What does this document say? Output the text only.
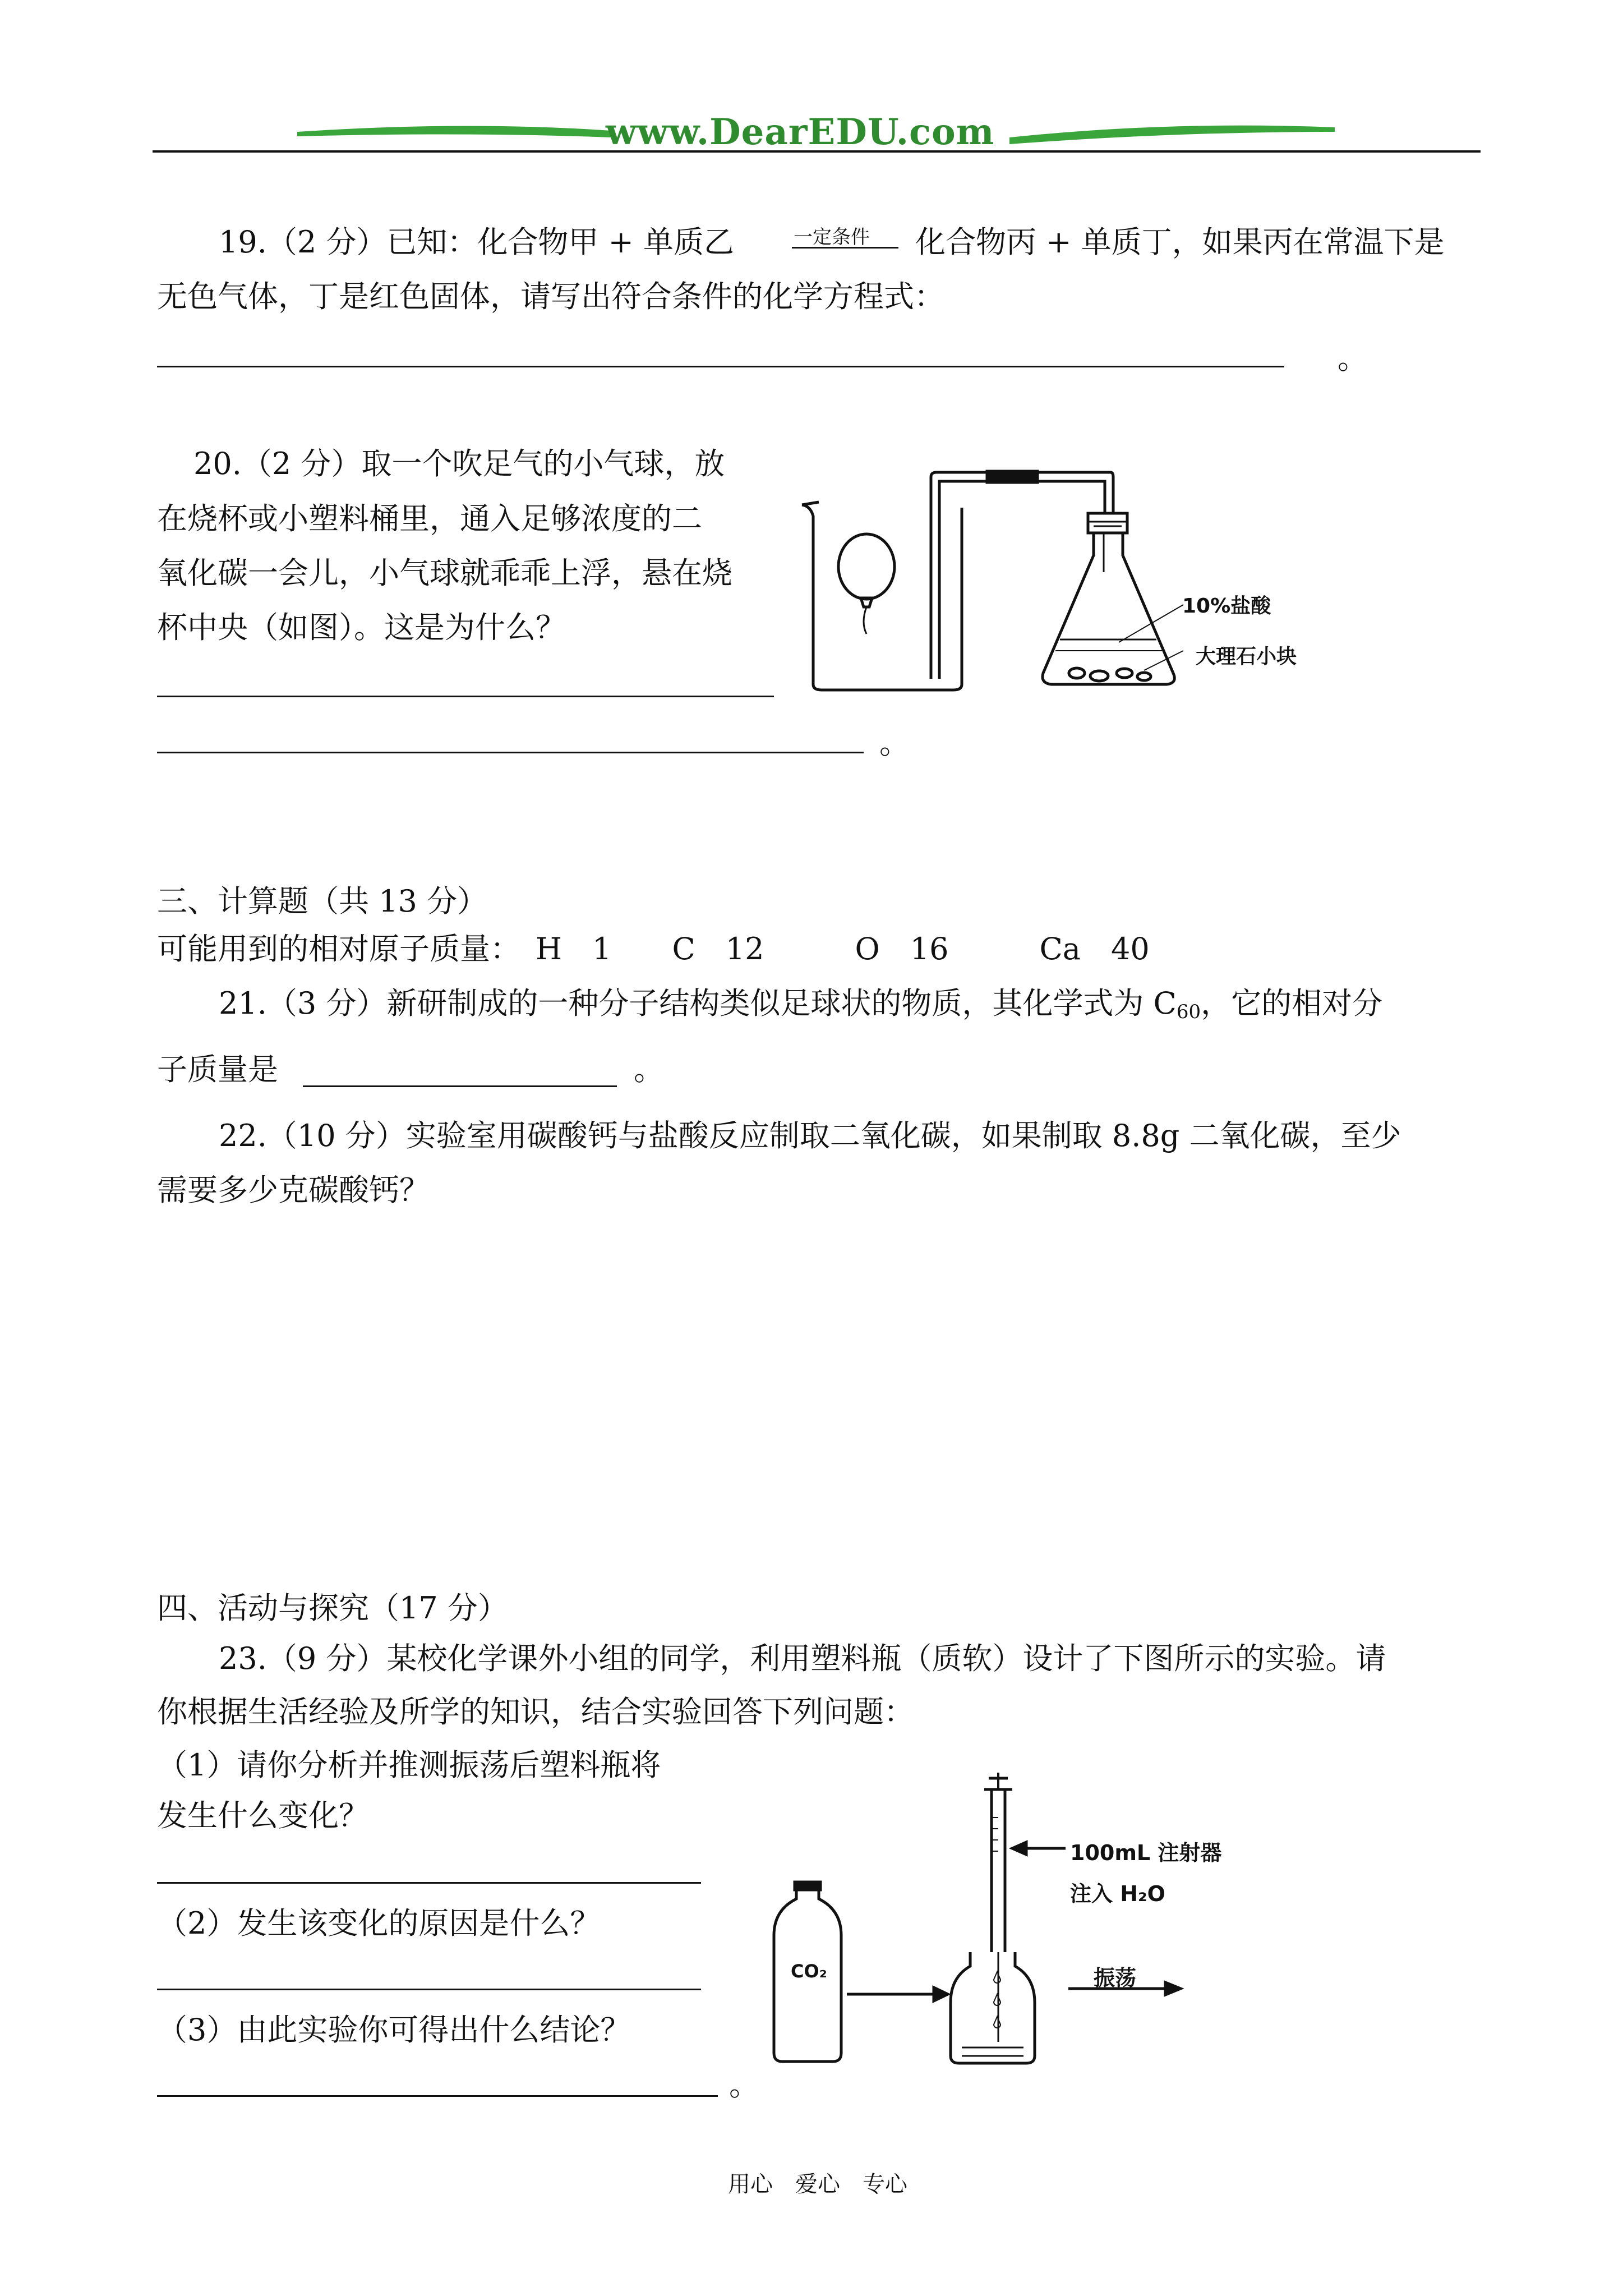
www.DearEDU.com
19.（2 分）已知：化合物甲 + 单质乙	一定条件 化合物丙 + 单质丁，如果丙在常温下是
无色气体，丁是红色固体，请写出符合条件的化学方程式：
。
20.（2 分）取一个吹足气的小气球，放
在烧杯或小塑料桶里，通入足够浓度的二
氧化碳一会儿，小气球就乖乖上浮，悬在烧
杯中央（如图）。这是为什么？
。
10%盐酸
大理石小块
三、计算题（共 13 分）
可能用到的相对原子质量：　H　1　　C　12　　　O　16　　　Ca　40
21.（3 分）新研制成的一种分子结构类似足球状的物质，其化学式为 $C_{60}$，它的相对分
子质量是	。
22.（10 分）实验室用碳酸钙与盐酸反应制取二氧化碳，如果制取 8.8g 二氧化碳，至少
需要多少克碳酸钙？
四、活动与探究（17 分）
23.（9 分）某校化学课外小组的同学，利用塑料瓶（质软）设计了下图所示的实验。请
你根据生活经验及所学的知识，结合实验回答下列问题：
（1）请你分析并推测振荡后塑料瓶将
发生什么变化？
（2）发生该变化的原因是什么？
（3）由此实验你可得出什么结论？
。
CO₂
100mL 注射器
注入 H₂O
振荡
用心　爱心　专心
